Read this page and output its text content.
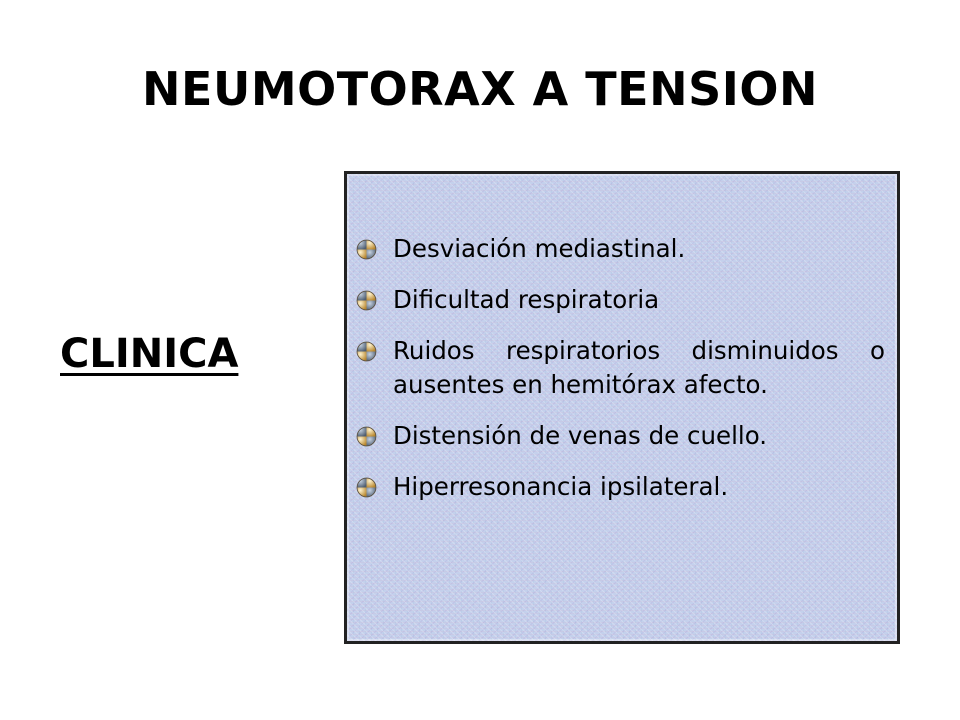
NEUMOTORAX A TENSION
CLINICA
Desviación mediastinal.
Dificultad respiratoria
Ruidos respiratorios disminuidos o ausentes en hemitórax afecto.
Distensión de venas de cuello.
Hiperresonancia ipsilateral.
